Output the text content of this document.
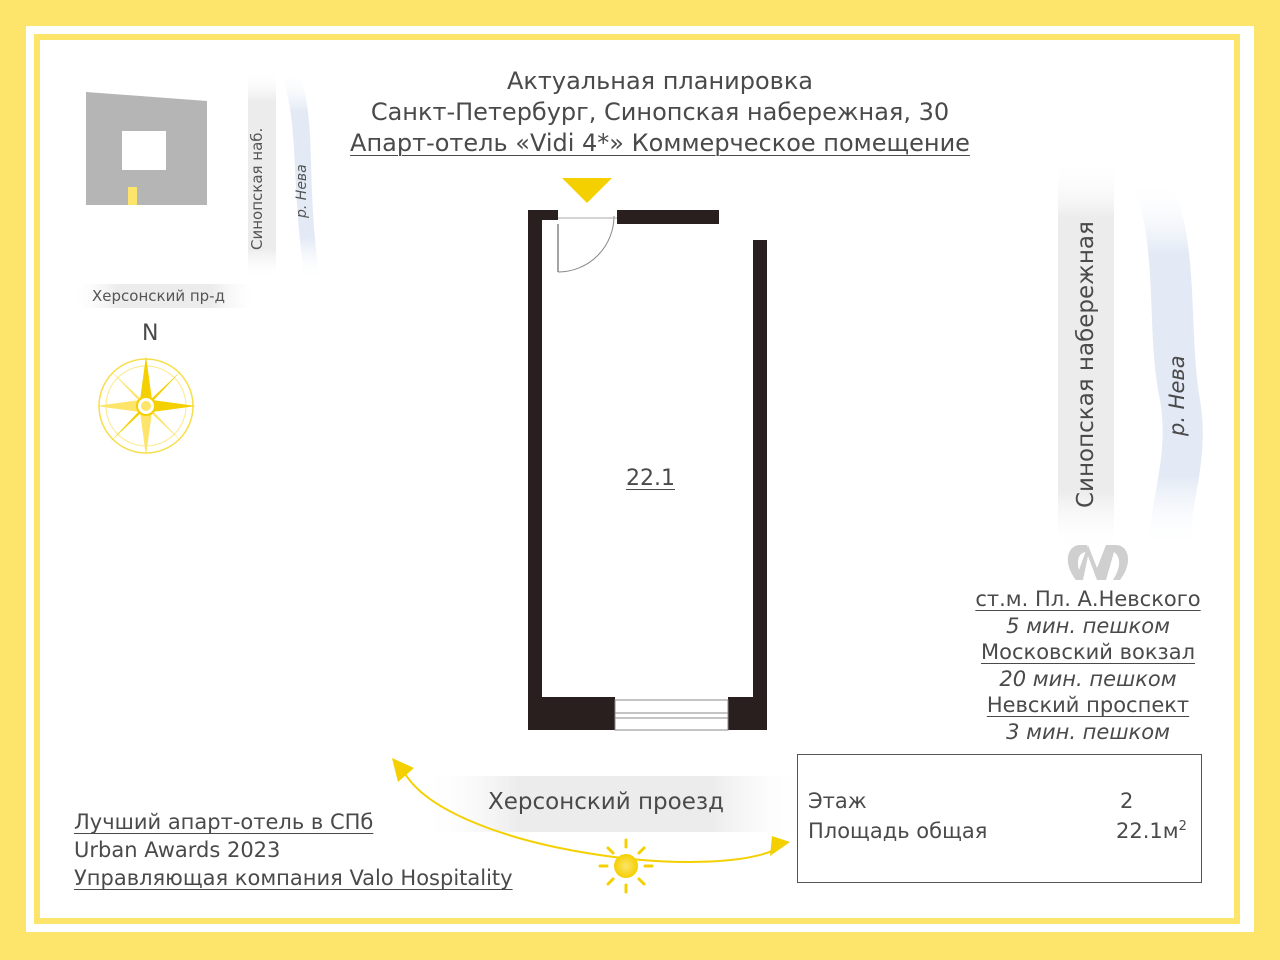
Актуальная планировка
Санкт-Петербург, Синопская набережная, 30
Апарт-отель «Vidi 4*» Коммерческое помещение
Синопская наб. р. Нева
Херсонский пр-д
N
22.1
Херсонский проезд
Синопская набережная	р. Нева
ст.м. Пл. А.Невского
5 мин. пешком
Московский вокзал
20 мин. пешком
Невский проспект
3 мин. пешком
Лучший апарт-отель в СПб
Urban Awards 2023
Управляющая компания Valo Hospitality
Этаж	2
Площадь общая	$22.1м^2$
